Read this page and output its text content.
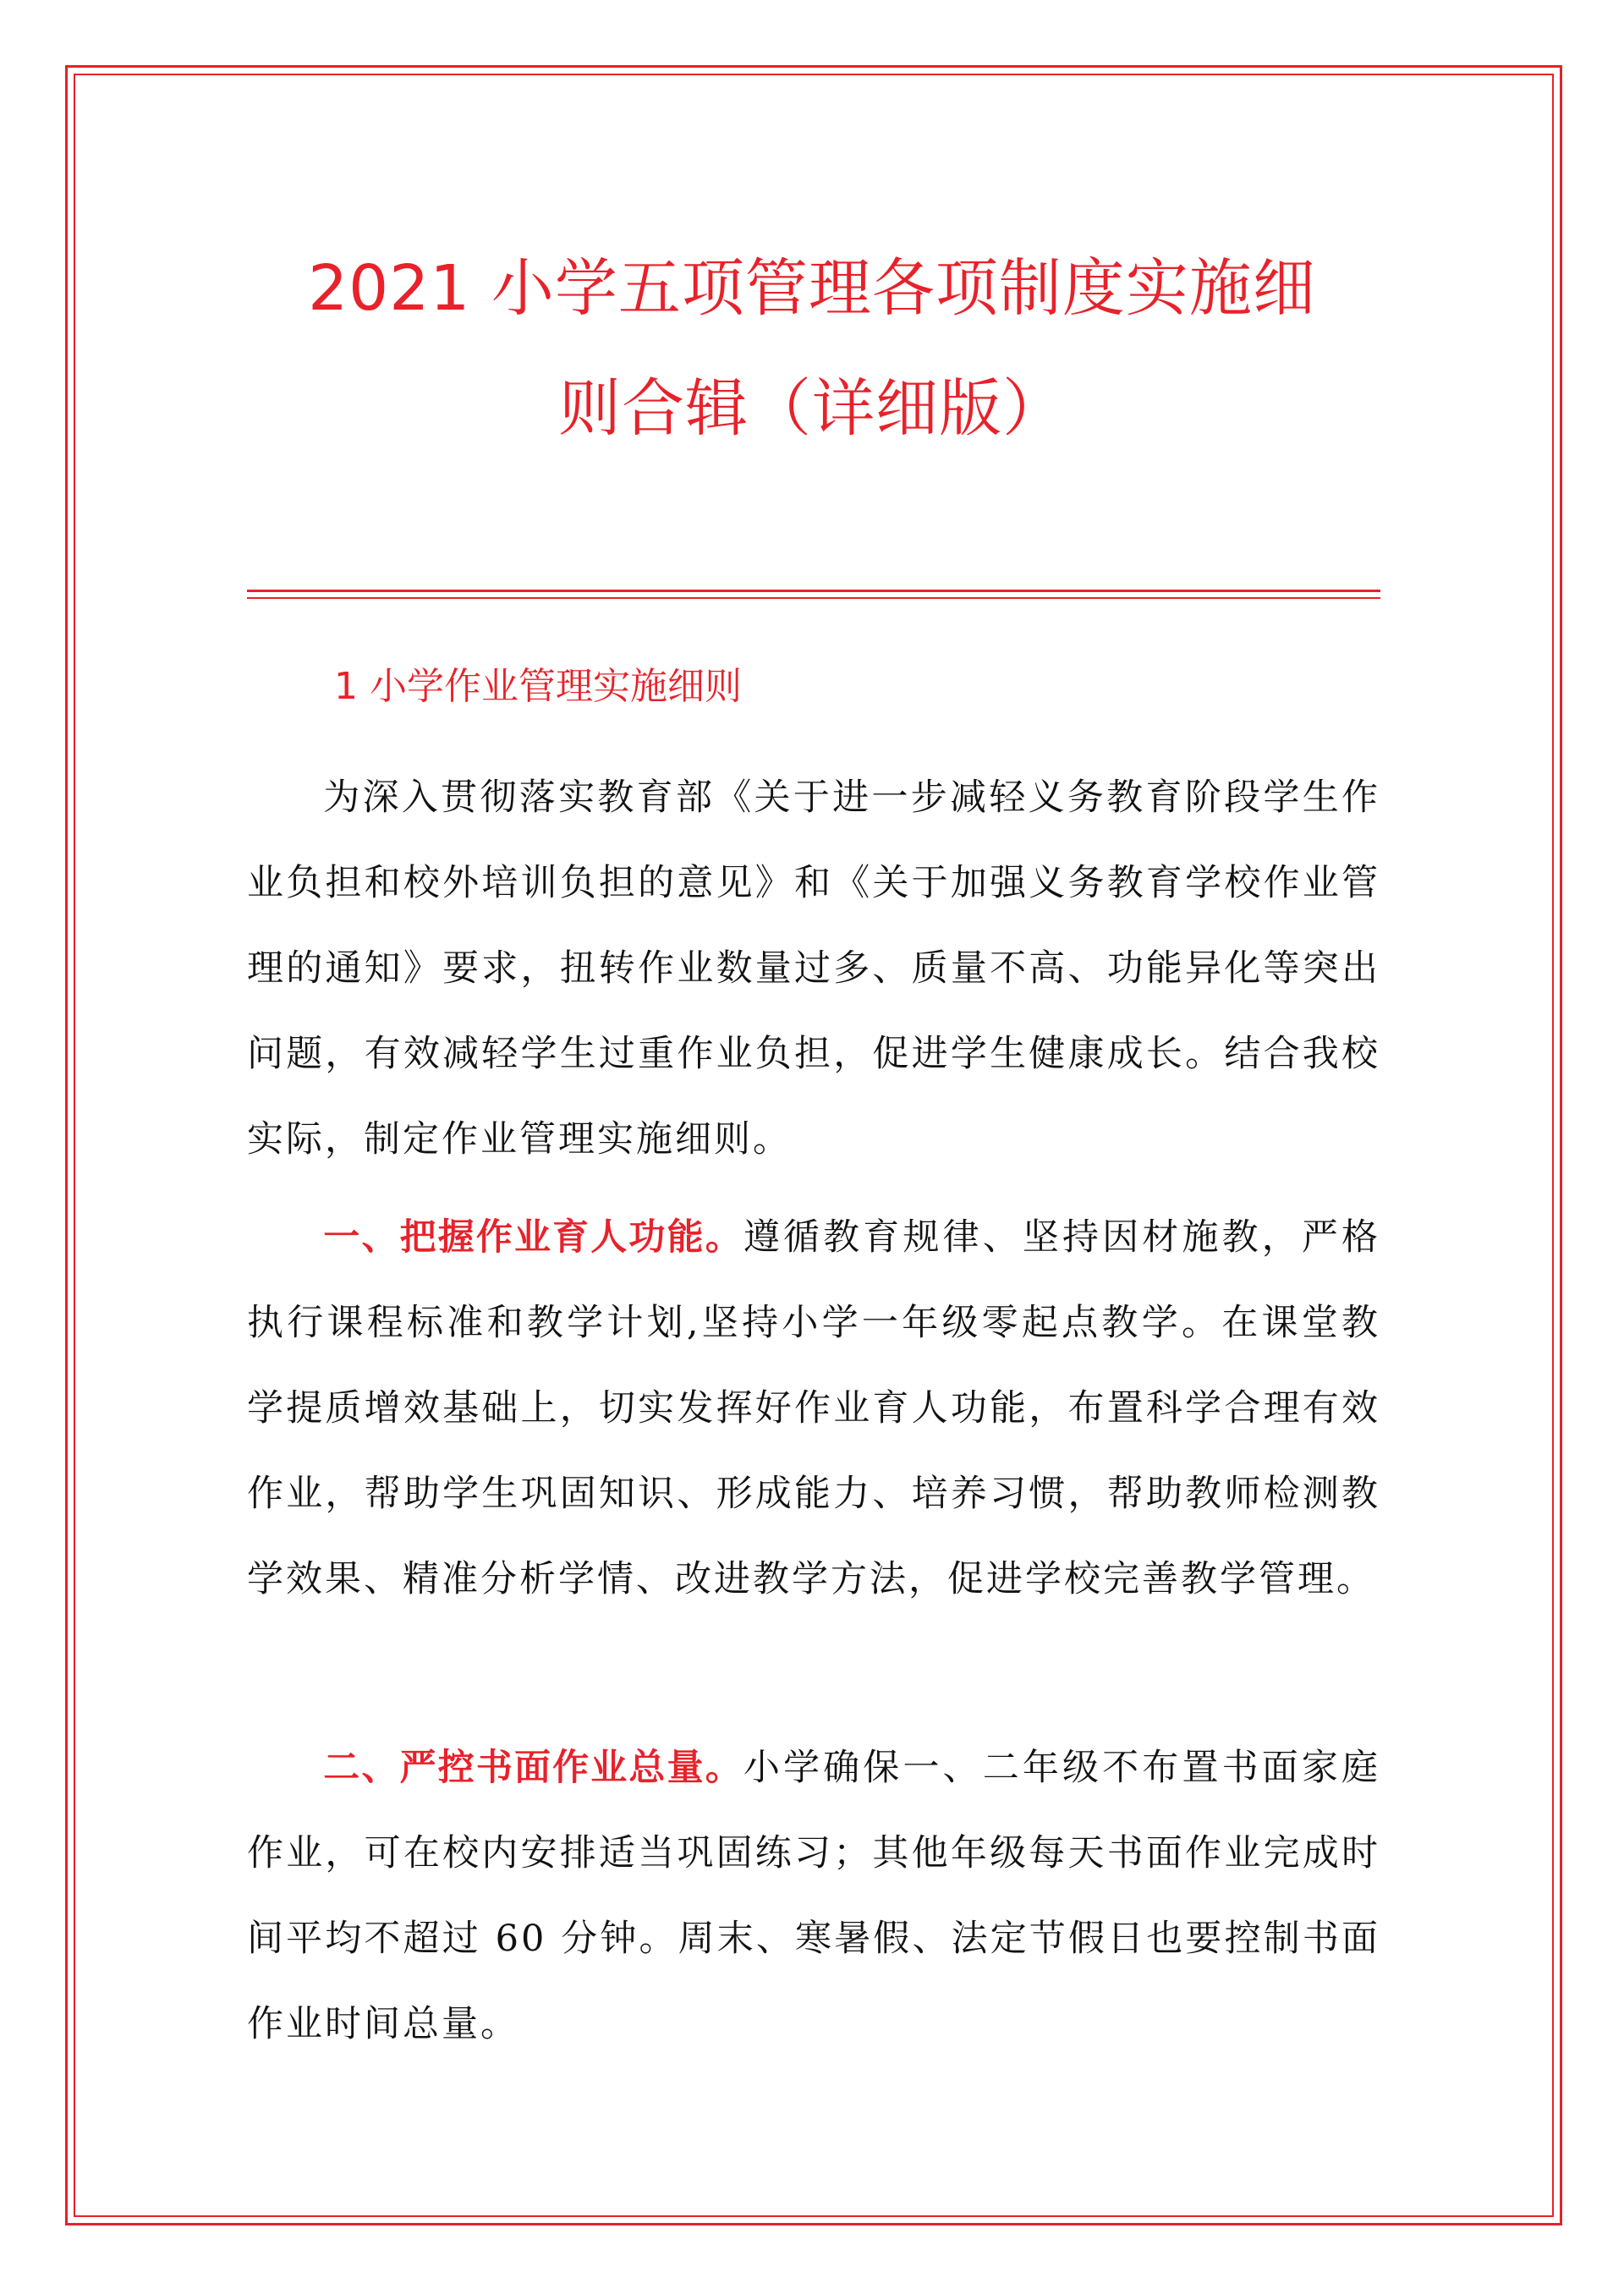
2021 小学五项管理各项制度实施细
则合辑（详细版）
1 小学作业管理实施细则

为深入贯彻落实教育部《关于进一步减轻义务教育阶段学生作业负担和校外培训负担的意见》和《关于加强义务教育学校作业管理的通知》要求，扭转作业数量过多、质量不高、功能异化等突出问题，有效减轻学生过重作业负担，促进学生健康成长。结合我校实际，制定作业管理实施细则。

一、把握作业育人功能。遵循教育规律、坚持因材施教，严格执行课程标准和教学计划,坚持小学一年级零起点教学。在课堂教学提质增效基础上，切实发挥好作业育人功能，布置科学合理有效作业，帮助学生巩固知识、形成能力、培养习惯，帮助教师检测教学效果、精准分析学情、改进教学方法，促进学校完善教学管理。

二、严控书面作业总量。小学确保一、二年级不布置书面家庭作业，可在校内安排适当巩固练习；其他年级每天书面作业完成时间平均不超过 60 分钟。周末、寒暑假、法定节假日也要控制书面作业时间总量。
